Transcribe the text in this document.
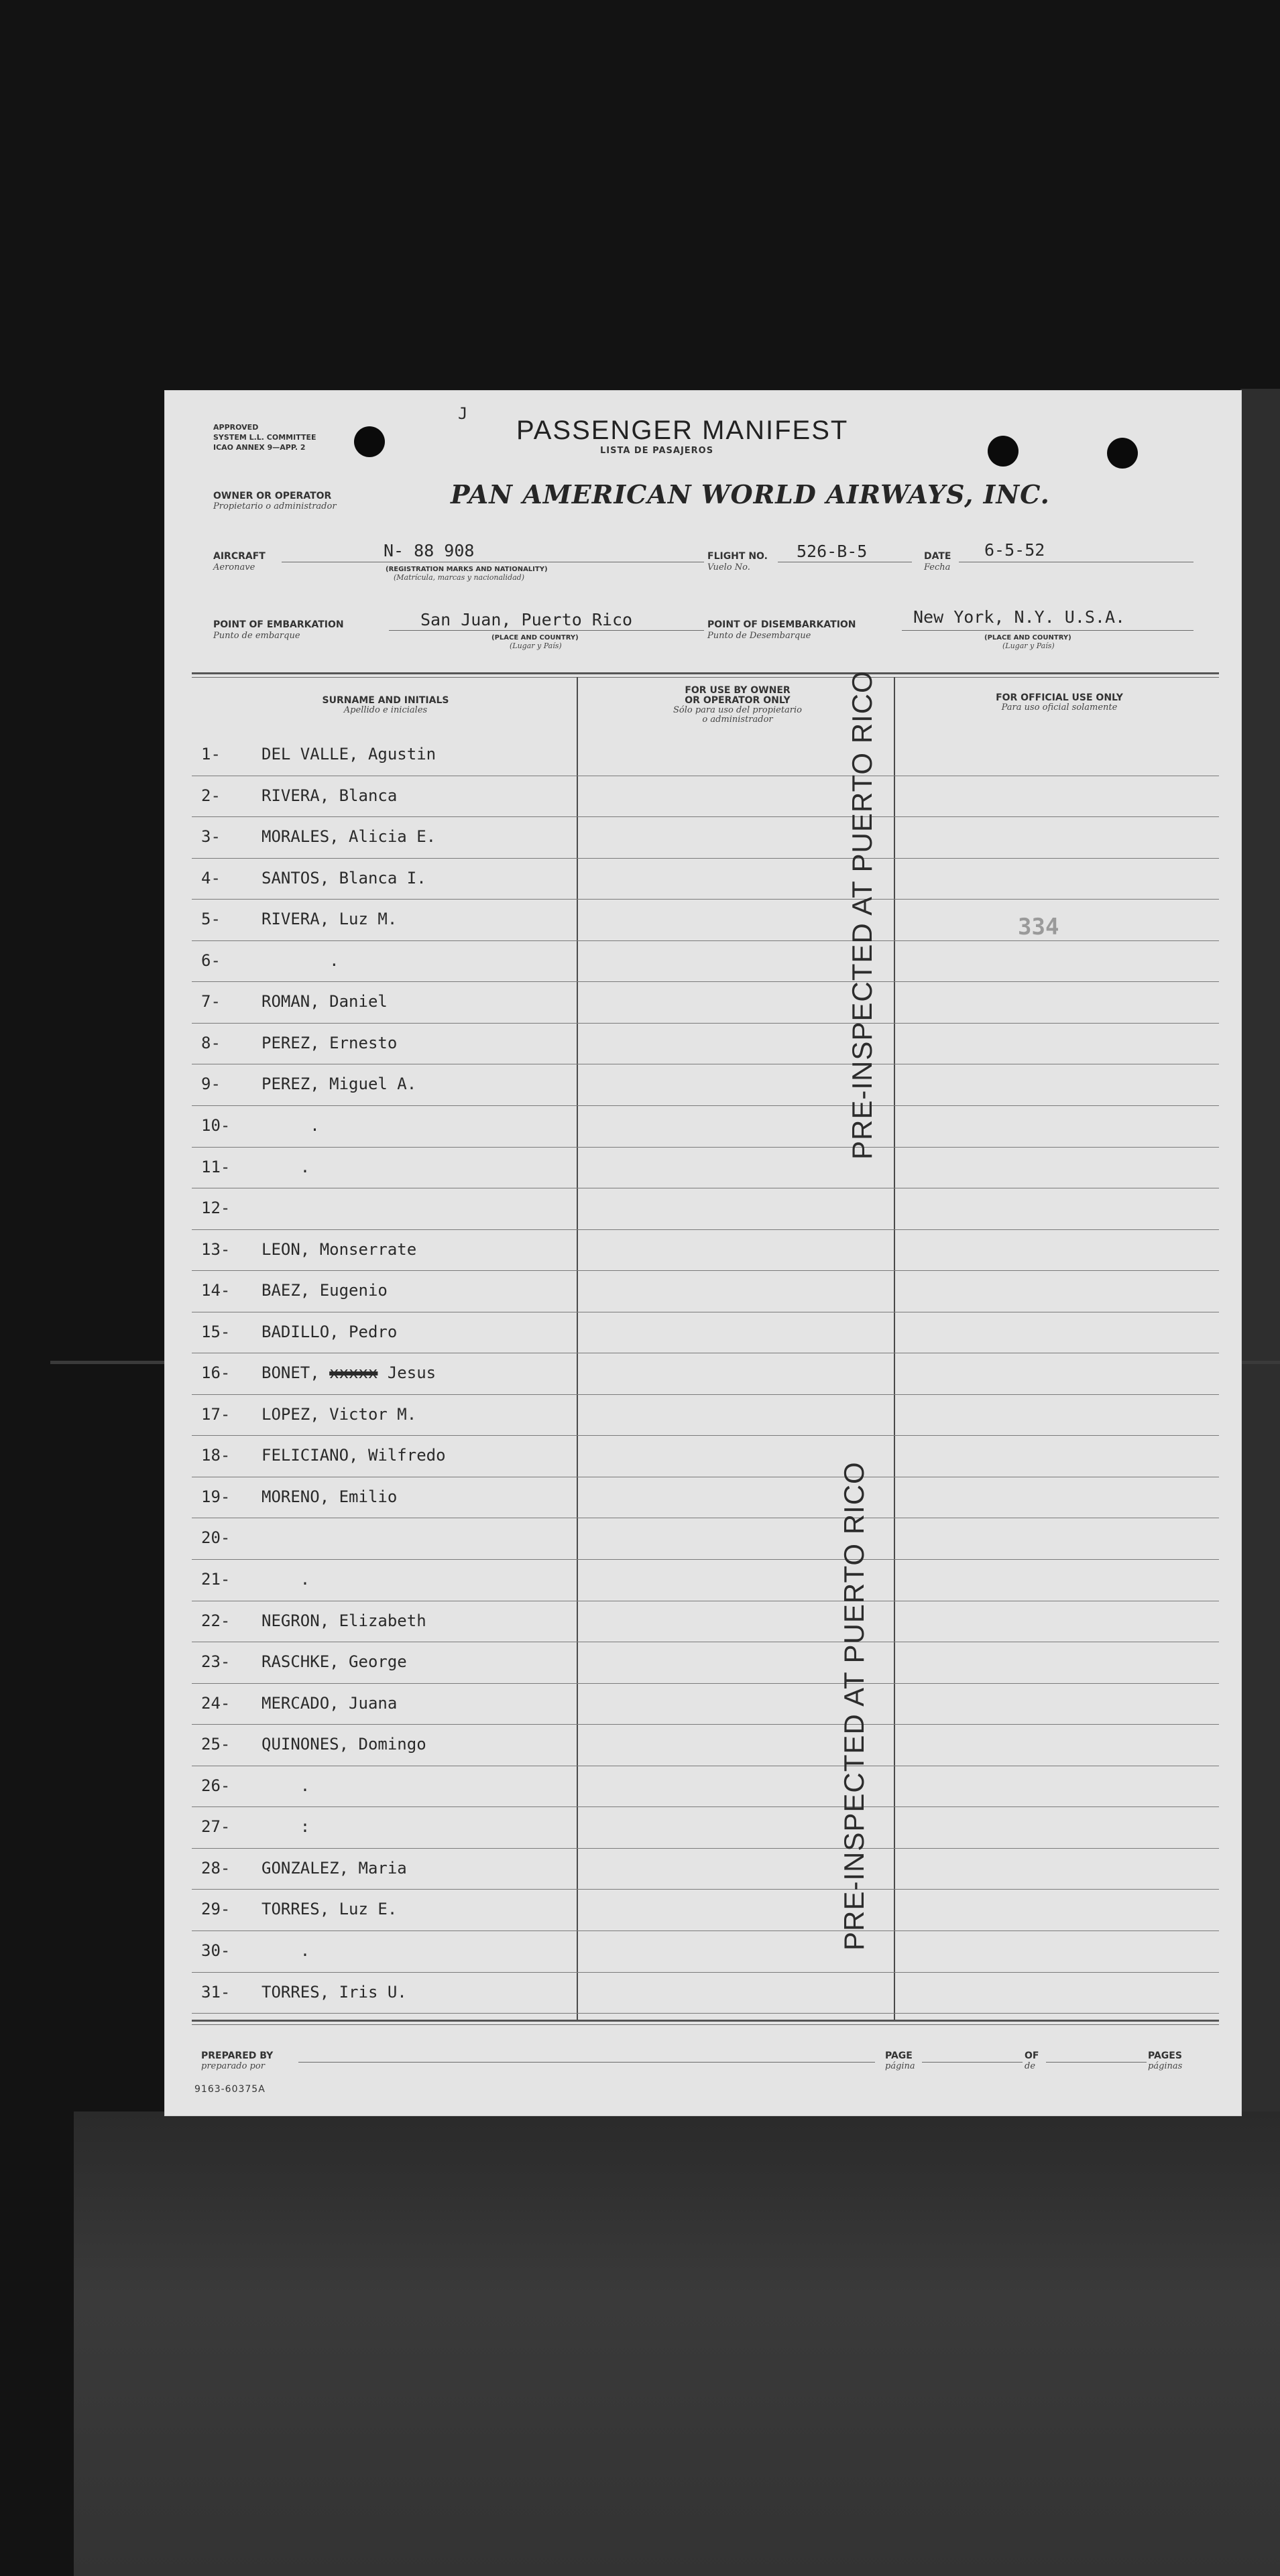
APPROVED
SYSTEM L.L. COMMITTEE
ICAO ANNEX 9—APP. 2
J
PASSENGER MANIFEST
LISTA DE PASAJEROS
OWNER OR OPERATOR
Propietario o administrador	PAN AMERICAN WORLD AIRWAYS, INC.
AIRCRAFT
Aeronave
N- 88 908
(REGISTRATION MARKS AND NATIONALITY)
(Matrícula, marcas y nacionalidad)
FLIGHT NO.
Vuelo No.
526-B-5	DATE
Fecha
6-5-52
POINT OF EMBARKATION
Punto de embarque
San Juan, Puerto Rico
(PLACE AND COUNTRY)
(Lugar y País)
POINT OF DISEMBARKATION
Punto de Desembarque
New York, N.Y. U.S.A.
(PLACE AND COUNTRY)
(Lugar y País)
SURNAME AND INITIALS
Apellido e iniciales
FOR USE BY OWNER
OR OPERATOR ONLY
Sólo para uso del propietario
o administrador
FOR OFFICIAL USE ONLY
Para uso oficial solamente
1-	DEL VALLE, Agustin
2-	RIVERA, Blanca
3-	MORALES, Alicia E.
4-	SANTOS, Blanca I.
5-	RIVERA, Luz M.
6-	.
7-	ROMAN, Daniel
8-	PEREZ, Ernesto
9-	PEREZ, Miguel A.
10- .
11- .
12-
13- LEON, Monserrate
14- BAEZ, Eugenio
15- BADILLO, Pedro
16- BONET, xxxxx Jesus
17- LOPEZ, Victor M.
18- FELICIANO, Wilfredo
19- MORENO, Emilio
20-
21- .
22- NEGRON, Elizabeth
23- RASCHKE, George
24- MERCADO, Juana
25- QUINONES, Domingo
26- .
27- :
28- GONZALEZ, Maria
29- TORRES, Luz E.
30- .
31- TORRES, Iris U.
PRE-INSPECTED AT PUERTO RICO
PRE-INSPECTED AT PUERTO RICO
334
PREPARED BY
preparado por
PAGE
página
OF
de
PAGES
páginas
9163-60375A
